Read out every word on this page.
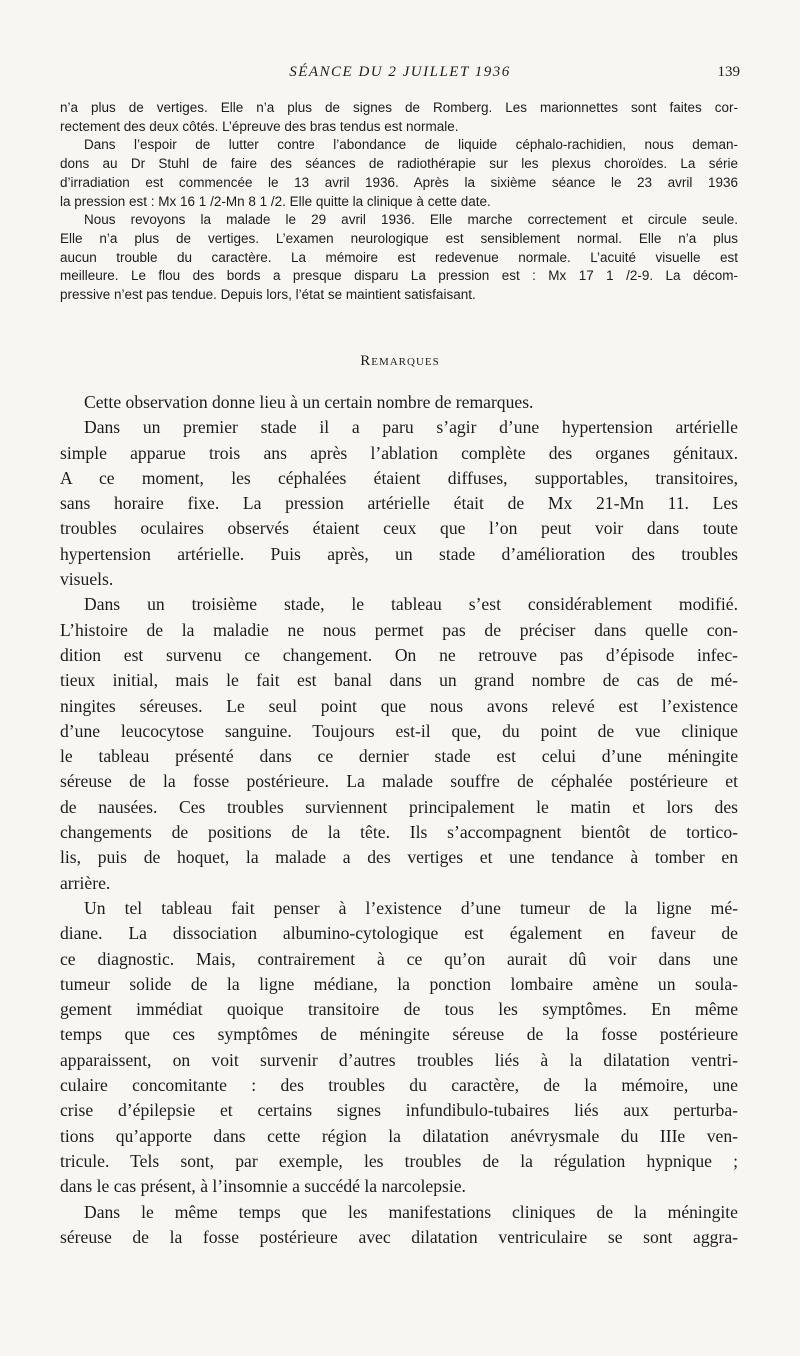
SÉANCE DU 2 JUILLET 1936	139
n’a plus de vertiges. Elle n’a plus de signes de Romberg. Les marionnettes sont faites cor-
rectement des deux côtés. L’épreuve des bras tendus est normale.
Dans l’espoir de lutter contre l’abondance de liquide céphalo-rachidien, nous deman-
dons au Dr Stuhl de faire des séances de radiothérapie sur les plexus choroïdes. La série
d’irradiation est commencée le 13 avril 1936. Après la sixième séance le 23 avril 1936
la pression est : Mx 16 1 /2-Mn 8 1 /2. Elle quitte la clinique à cette date.
Nous revoyons la malade le 29 avril 1936. Elle marche correctement et circule seule.
Elle n’a plus de vertiges. L’examen neurologique est sensiblement normal. Elle n’a plus
aucun trouble du caractère. La mémoire est redevenue normale. L’acuité visuelle est
meilleure. Le flou des bords a presque disparu La pression est : Mx 17 1 /2-9. La décom-
pressive n’est pas tendue. Depuis lors, l’état se maintient satisfaisant.
Remarques
Cette observation donne lieu à un certain nombre de remarques.
Dans un premier stade il a paru s’agir d’une hypertension artérielle
simple apparue trois ans après l’ablation complète des organes génitaux.
A ce moment, les céphalées étaient diffuses, supportables, transitoires,
sans horaire fixe. La pression artérielle était de Mx 21-Mn 11. Les
troubles oculaires observés étaient ceux que l’on peut voir dans toute
hypertension artérielle. Puis après, un stade d’amélioration des troubles
visuels.
Dans un troisième stade, le tableau s’est considérablement modifié.
L’histoire de la maladie ne nous permet pas de préciser dans quelle con-
dition est survenu ce changement. On ne retrouve pas d’épisode infec-
tieux initial, mais le fait est banal dans un grand nombre de cas de mé-
ningites séreuses. Le seul point que nous avons relevé est l’existence
d’une leucocytose sanguine. Toujours est-il que, du point de vue clinique
le tableau présenté dans ce dernier stade est celui d’une méningite
séreuse de la fosse postérieure. La malade souffre de céphalée postérieure et
de nausées. Ces troubles surviennent principalement le matin et lors des
changements de positions de la tête. Ils s’accompagnent bientôt de tortico-
lis, puis de hoquet, la malade a des vertiges et une tendance à tomber en
arrière.
Un tel tableau fait penser à l’existence d’une tumeur de la ligne mé-
diane. La dissociation albumino-cytologique est également en faveur de
ce diagnostic. Mais, contrairement à ce qu’on aurait dû voir dans une
tumeur solide de la ligne médiane, la ponction lombaire amène un soula-
gement immédiat quoique transitoire de tous les symptômes. En même
temps que ces symptômes de méningite séreuse de la fosse postérieure
apparaissent, on voit survenir d’autres troubles liés à la dilatation ventri-
culaire concomitante : des troubles du caractère, de la mémoire, une
crise d’épilepsie et certains signes infundibulo-tubaires liés aux perturba-
tions qu’apporte dans cette région la dilatation anévrysmale du IIIe ven-
tricule. Tels sont, par exemple, les troubles de la régulation hypnique ;
dans le cas présent, à l’insomnie a succédé la narcolepsie.
Dans le même temps que les manifestations cliniques de la méningite
séreuse de la fosse postérieure avec dilatation ventriculaire se sont aggra-
